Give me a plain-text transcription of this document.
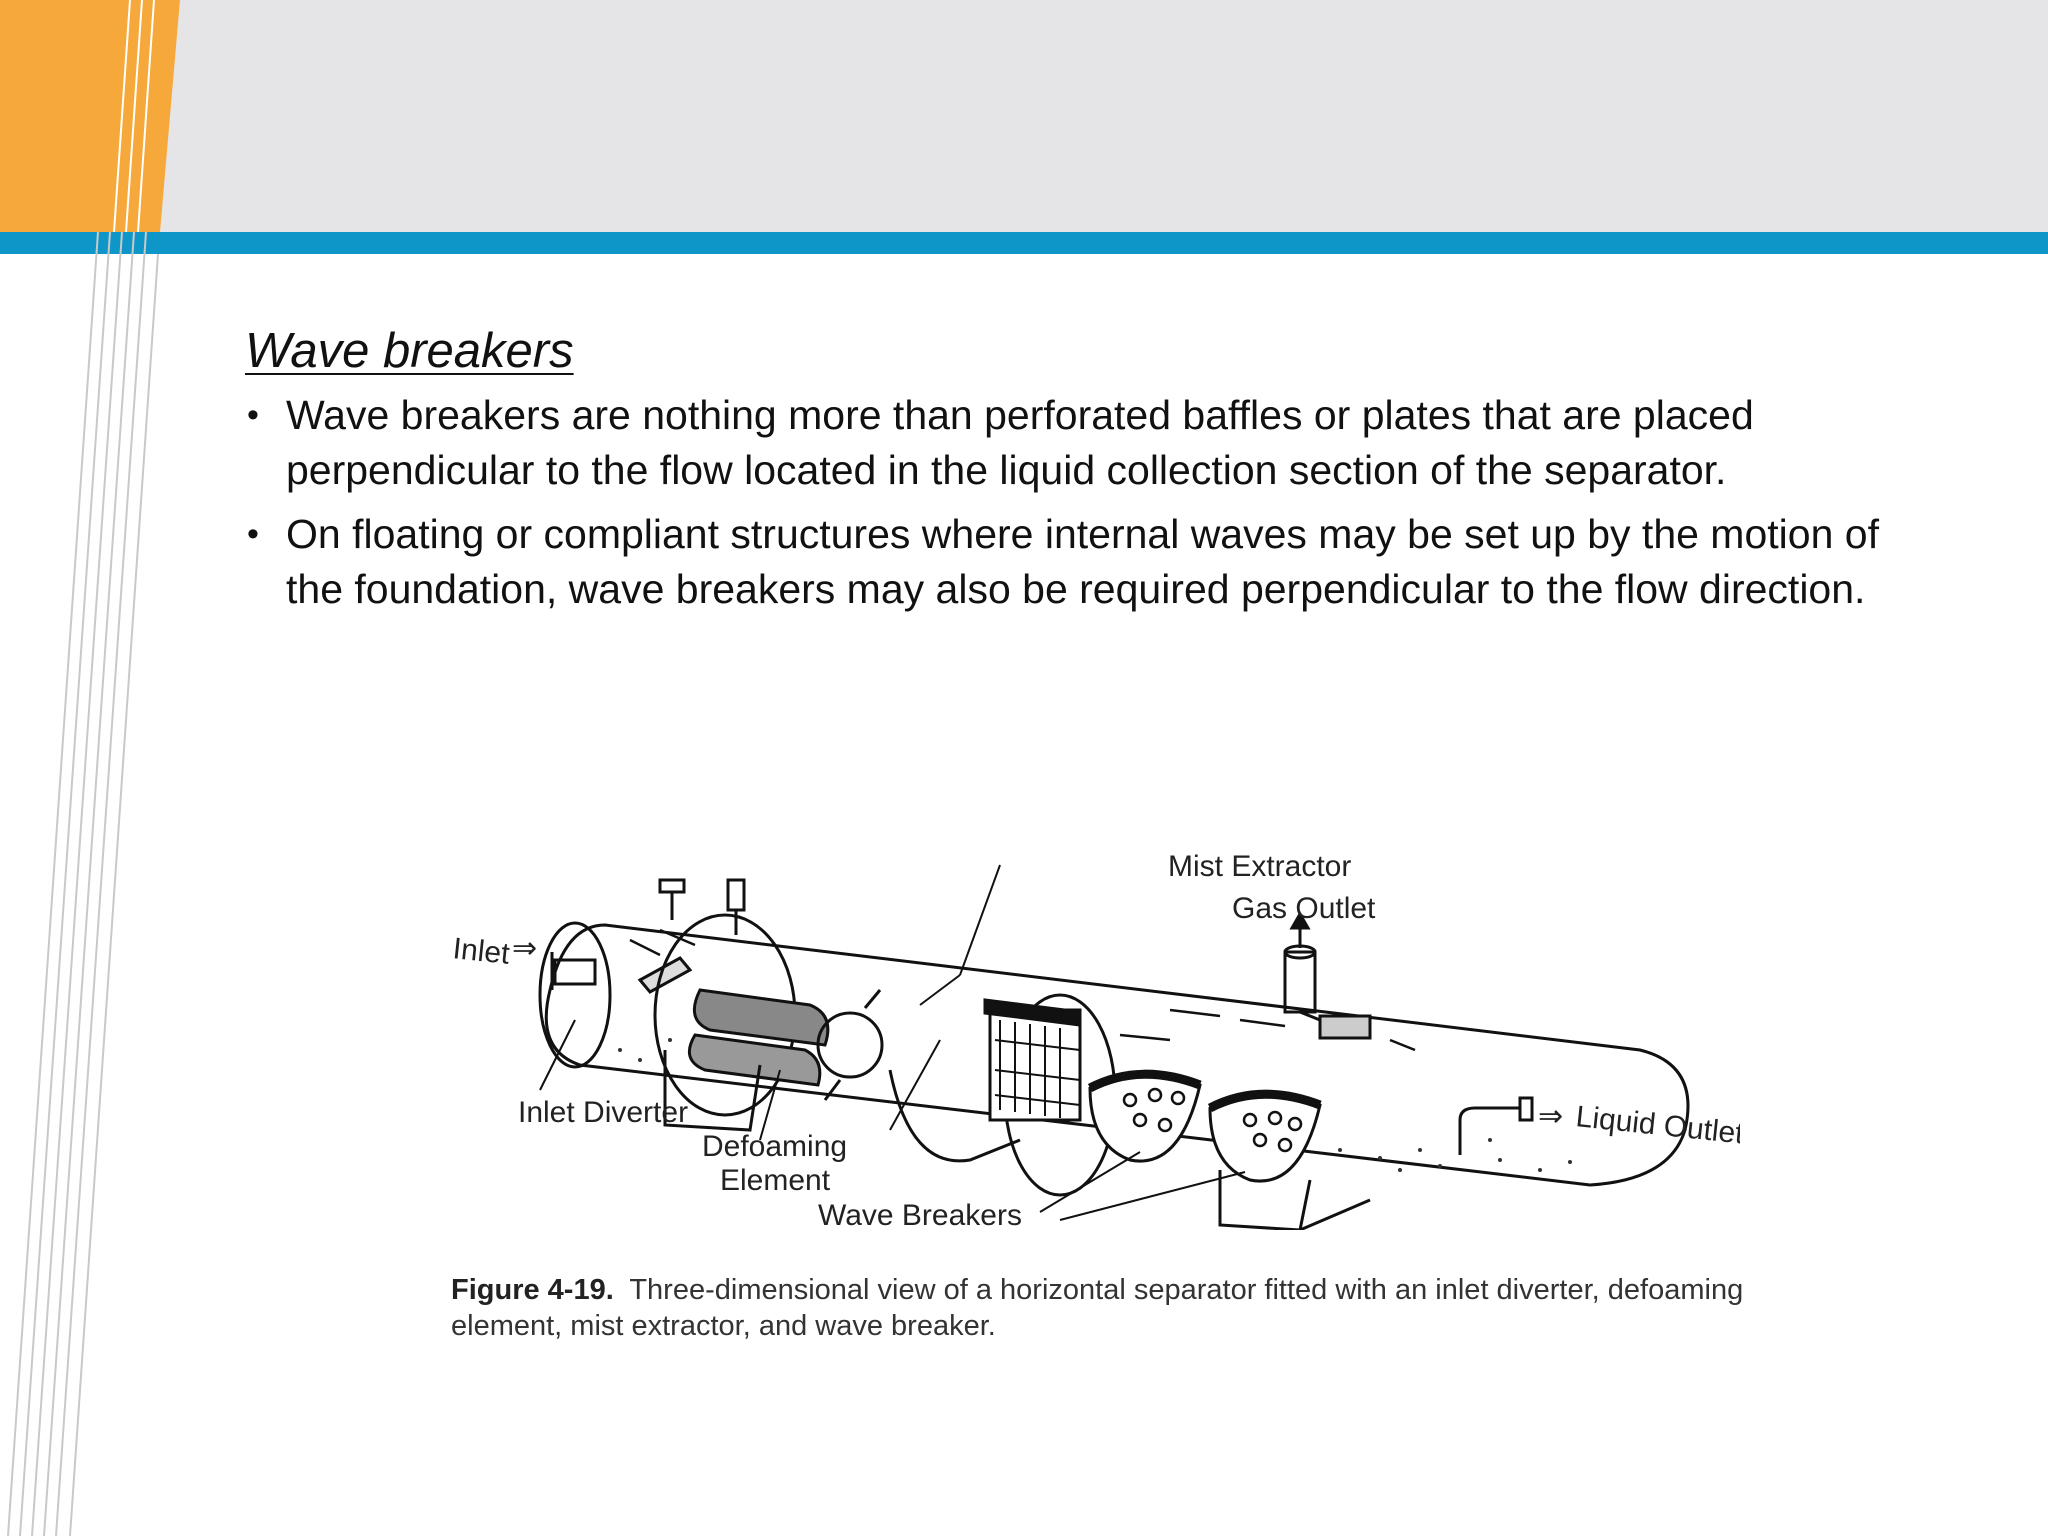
Wave breakers
• Wave breakers are nothing more than perforated baffles or plates that are placed perpendicular to the flow located in the liquid collection section of the separator.
• On floating or compliant structures where internal waves may be set up by the motion of the foundation, wave breakers may also be required perpendicular to the flow direction.
Inlet ⇒
Mist Extractor
Gas Outlet
Inlet Diverter
Defoaming
Element
Wave Breakers
⇒ Liquid Outlet
Figure 4-19. Three-dimensional view of a horizontal separator fitted with an inlet diverter, defoaming element, mist extractor, and wave breaker.
